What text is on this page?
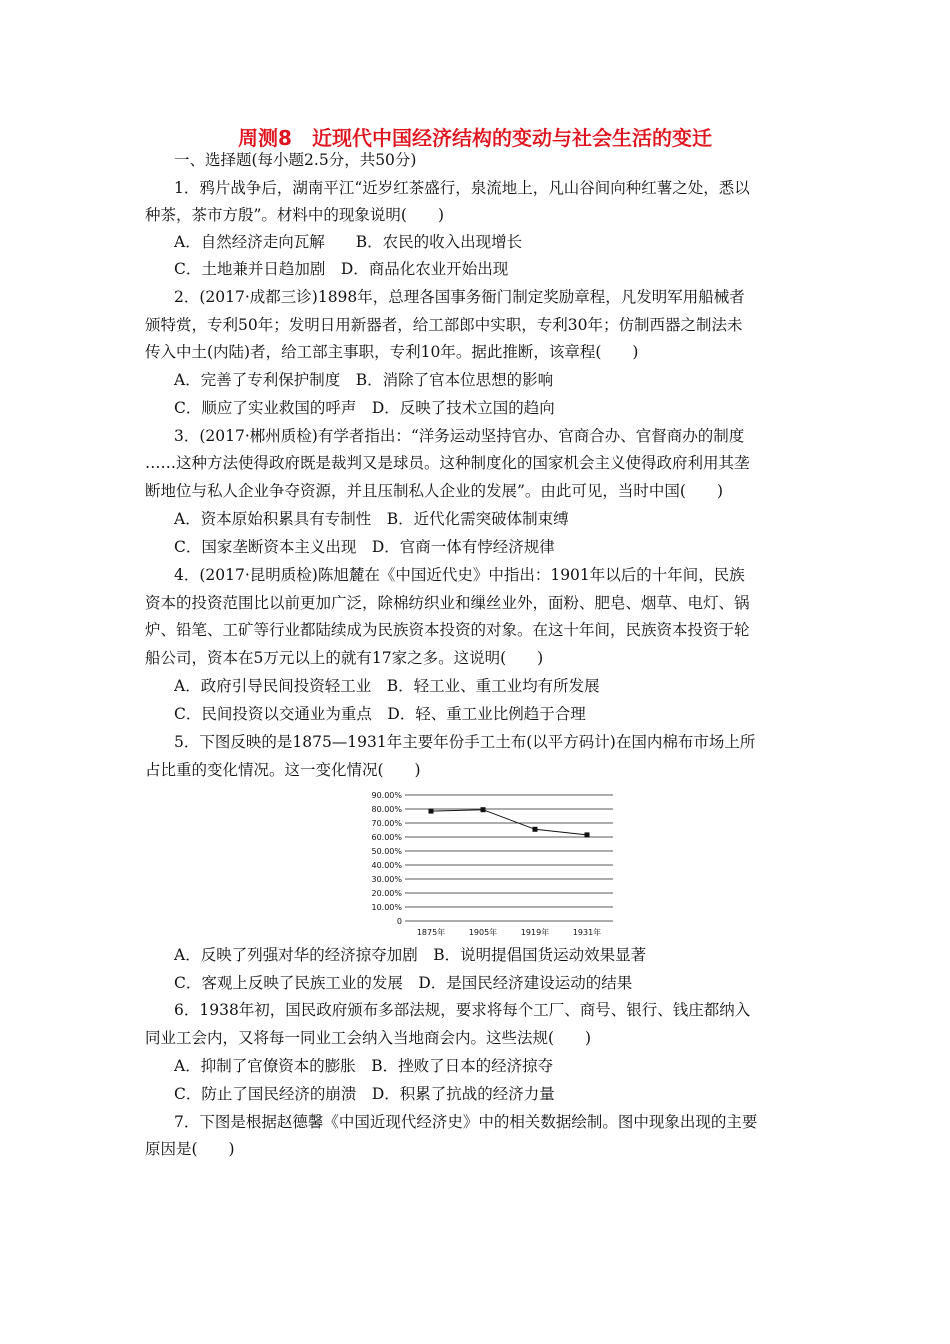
周测8　近现代中国经济结构的变动与社会生活的变迁
一、选择题(每小题2.5分，共50分)
1．鸦片战争后，湖南平江“近岁红茶盛行，泉流地上，凡山谷间向种红薯之处，悉以
种茶，茶市方殷”。材料中的现象说明(　　)
A．自然经济走向瓦解　　B．农民的收入出现增长
C．土地兼并日趋加剧　D．商品化农业开始出现
2．(2017·成都三诊)1898年，总理各国事务衙门制定奖励章程，凡发明军用船械者
颁特赏，专利50年；发明日用新器者，给工部郎中实职，专利30年；仿制西器之制法未
传入中土(内陆)者，给工部主事职，专利10年。据此推断，该章程(　　)
A．完善了专利保护制度　B．消除了官本位思想的影响
C．顺应了实业救国的呼声　D．反映了技术立国的趋向
3．(2017·郴州质检)有学者指出：“洋务运动坚持官办、官商合办、官督商办的制度
……这种方法使得政府既是裁判又是球员。这种制度化的国家机会主义使得政府利用其垄
断地位与私人企业争夺资源，并且压制私人企业的发展”。由此可见，当时中国(　　)
A．资本原始积累具有专制性　B．近代化需突破体制束缚
C．国家垄断资本主义出现　D．官商一体有悖经济规律
4．(2017·昆明质检)陈旭麓在《中国近代史》中指出：1901年以后的十年间，民族
资本的投资范围比以前更加广泛，除棉纺织业和缫丝业外，面粉、肥皂、烟草、电灯、锅
炉、铅笔、工矿等行业都陆续成为民族资本投资的对象。在这十年间，民族资本投资于轮
船公司，资本在5万元以上的就有17家之多。这说明(　　)
A．政府引导民间投资轻工业　B．轻工业、重工业均有所发展
C．民间投资以交通业为重点　D．轻、重工业比例趋于合理
5．下图反映的是1875—1931年主要年份手工土布(以平方码计)在国内棉布市场上所
占比重的变化情况。这一变化情况(　　)
0
10.00%
20.00%
30.00%
40.00%
50.00%
60.00%
70.00%
80.00%
90.00%
1875年	1905年	1919年	1931年
A．反映了列强对华的经济掠夺加剧　B．说明提倡国货运动效果显著
C．客观上反映了民族工业的发展　D．是国民经济建设运动的结果
6．1938年初，国民政府颁布多部法规，要求将每个工厂、商号、银行、钱庄都纳入
同业工会内，又将每一同业工会纳入当地商会内。这些法规(　　)
A．抑制了官僚资本的膨胀　B．挫败了日本的经济掠夺
C．防止了国民经济的崩溃　D．积累了抗战的经济力量
7．下图是根据赵德馨《中国近现代经济史》中的相关数据绘制。图中现象出现的主要
原因是(　　)
